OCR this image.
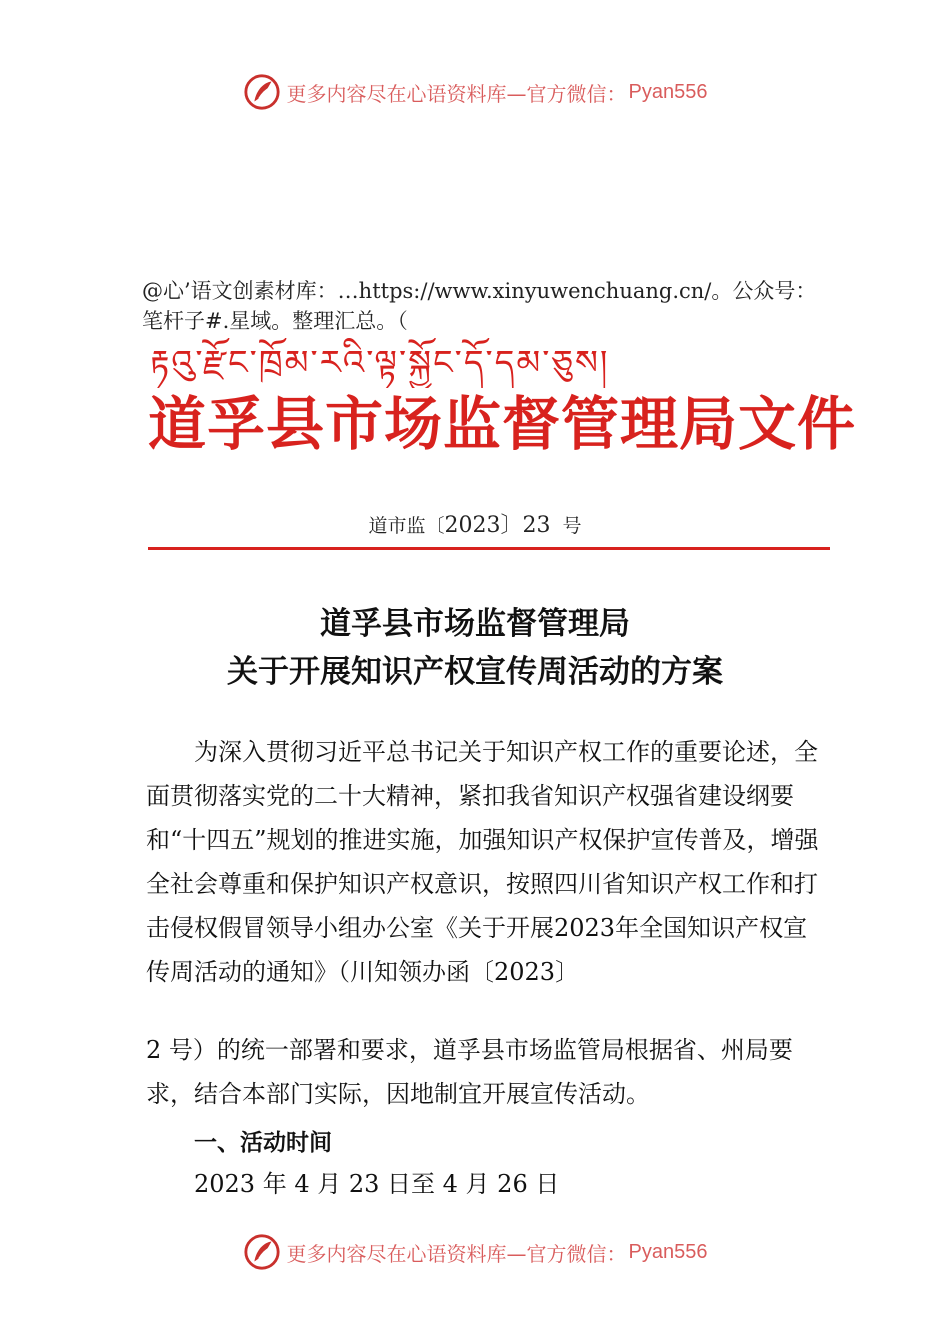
更多内容尽在心语资料库—官方微信： Pyan556
@心’语文创素材库：…https://www.xinyuwenchuang.cn/。公众号：笔杆子#.星域。整理汇总。（
རྟའུ་རྫོང་ཁྲོམ་རའི་ལྟ་སྐྱོང་དོ་དམ་ཅུས།
道孚县市场监督管理局文件
道市监〔2023〕23 号
道孚县市场监督管理局
关于开展知识产权宣传周活动的方案
为深入贯彻习近平总书记关于知识产权工作的重要论述，全面贯彻落实党的二十大精神，紧扣我省知识产权强省建设纲要和“十四五”规划的推进实施，加强知识产权保护宣传普及，增强全社会尊重和保护知识产权意识，按照四川省知识产权工作和打击侵权假冒领导小组办公室《关于开展2023年全国知识产权宣传周活动的通知》（川知领办函〔2023〕
2 号）的统一部署和要求，道孚县市场监管局根据省、州局要求，结合本部门实际，因地制宜开展宣传活动。
一、活动时间
2023 年 4 月 23 日至 4 月 26 日
更多内容尽在心语资料库—官方微信： Pyan556
